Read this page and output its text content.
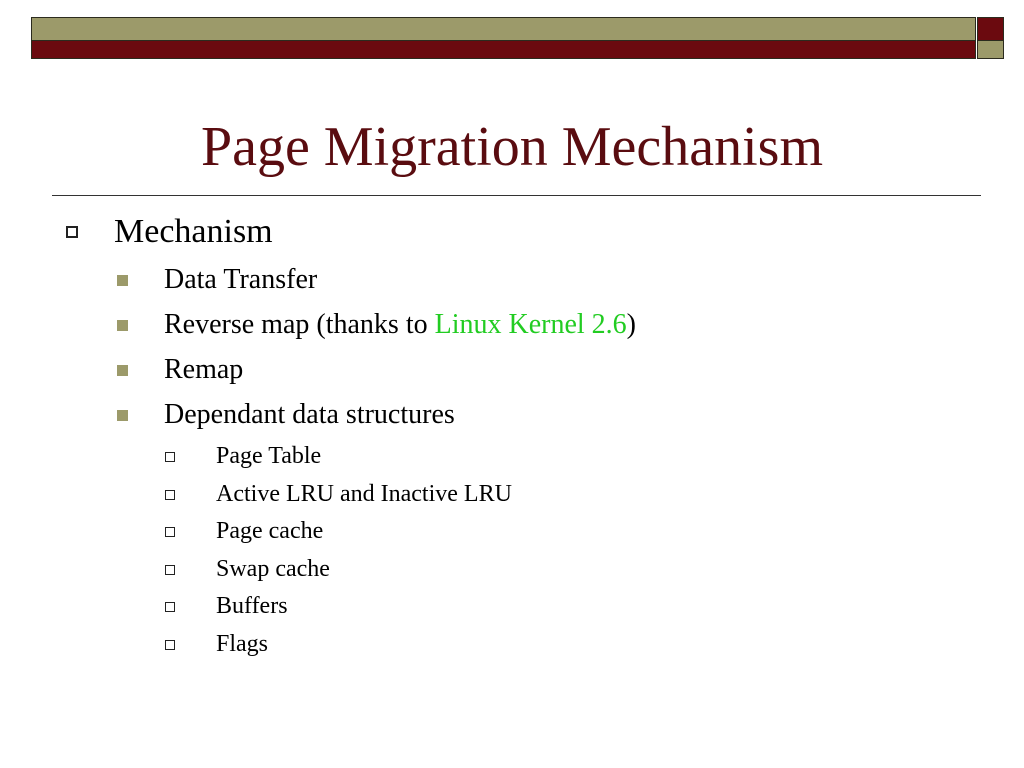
Page Migration Mechanism
Mechanism
Data Transfer
Reverse map (thanks to Linux Kernel 2.6)
Remap
Dependant data structures
Page Table
Active LRU and Inactive LRU
Page cache
Swap cache
Buffers
Flags
